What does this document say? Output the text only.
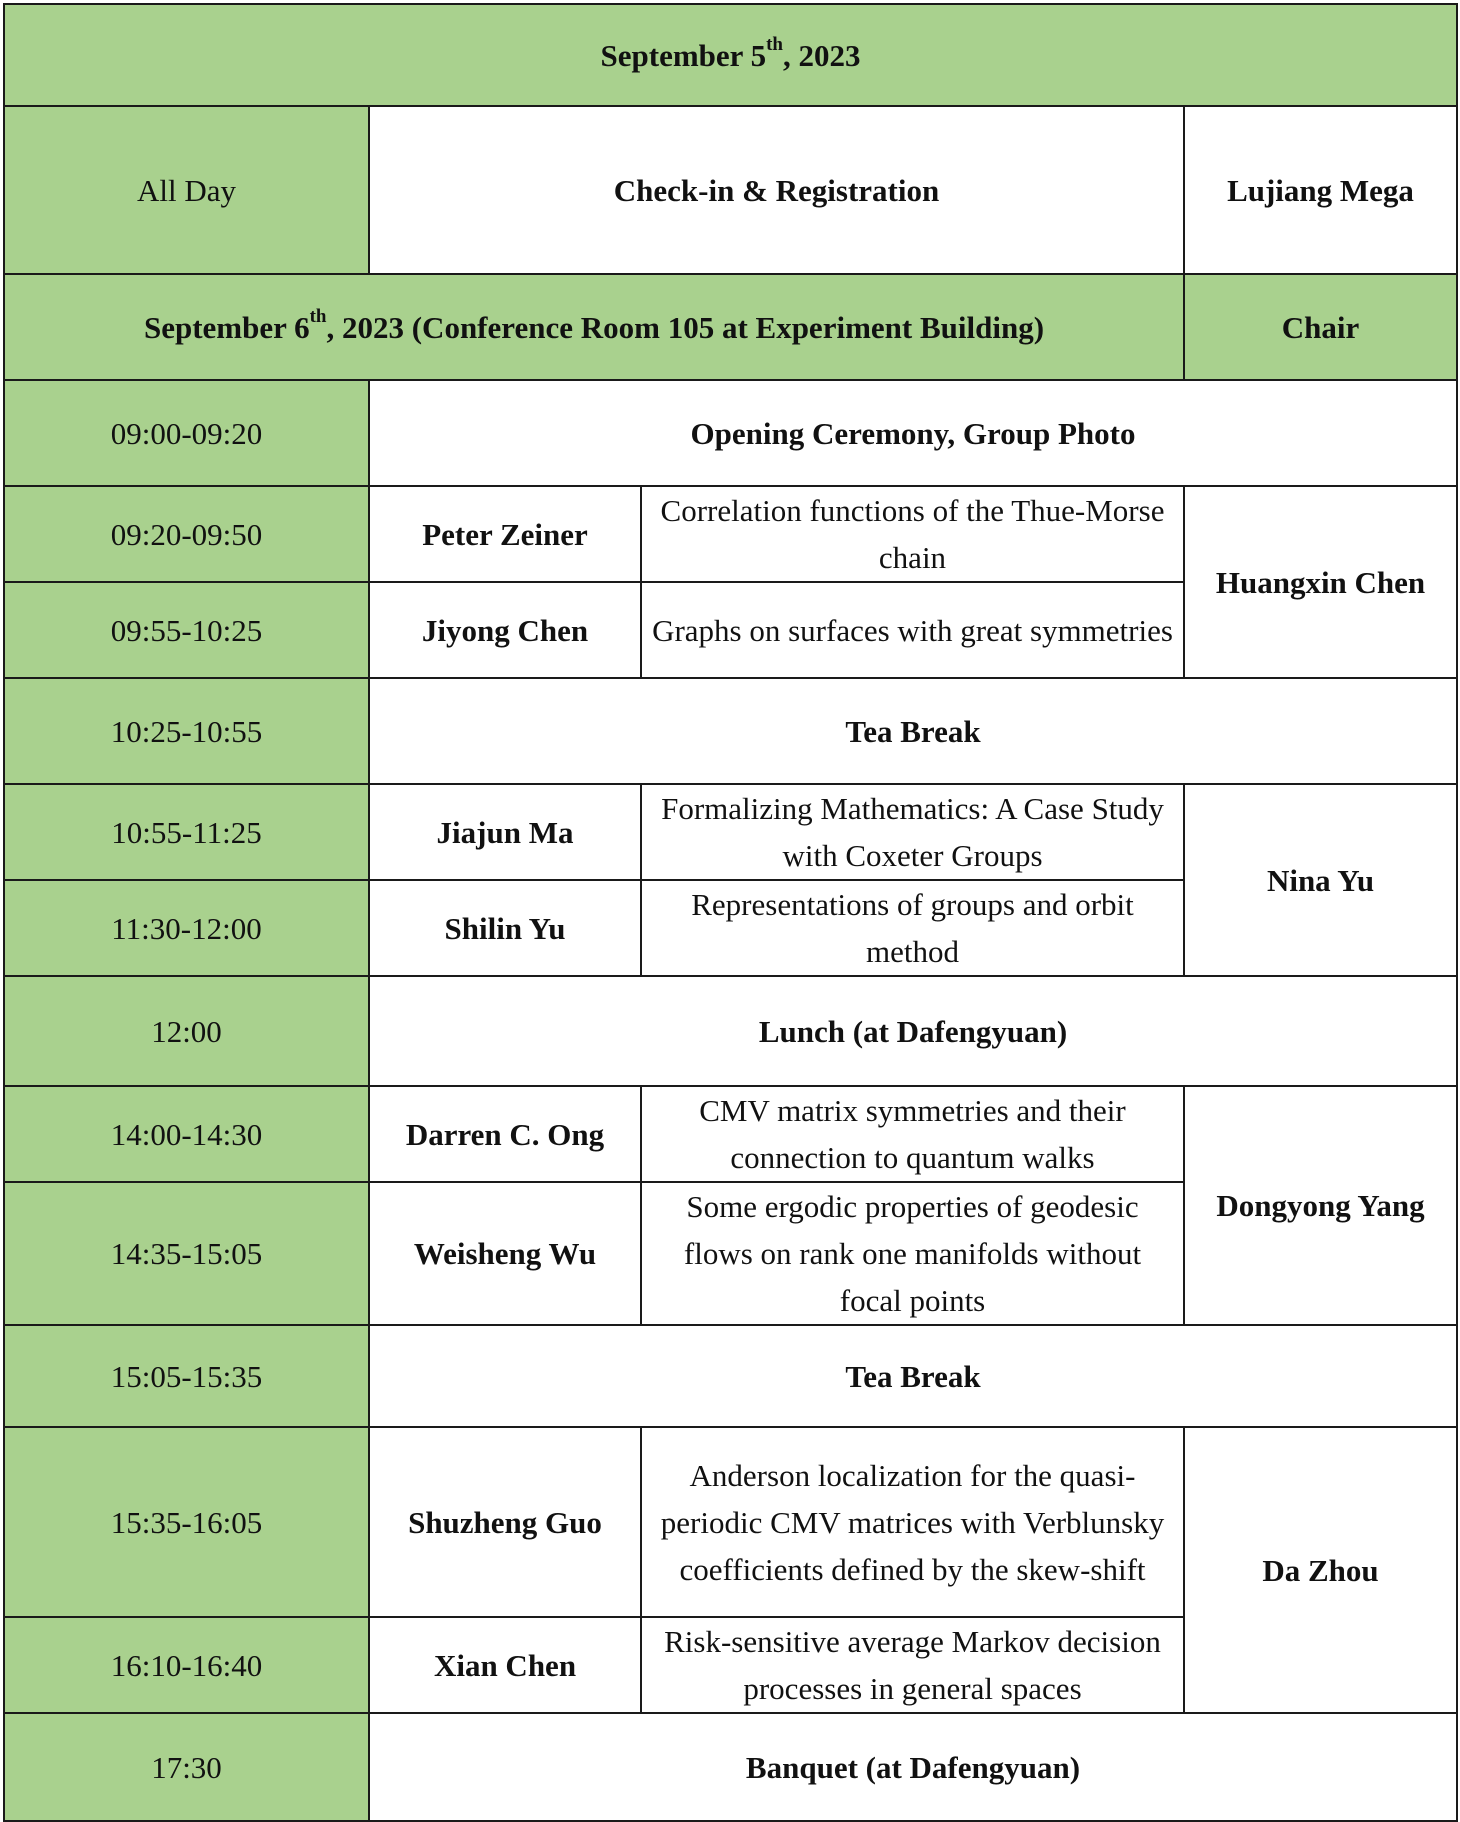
September 5th, 2023			
All Day	Check-in & Registration		Lujiang Mega
September 6th, 2023 (Conference Room 105 at Experiment Building)			Chair
09:00-09:20	Opening Ceremony, Group Photo		
09:20-09:50	Peter Zeiner	Correlation functions of the Thue-Morse chain	Huangxin Chen
09:55-10:25	Jiyong Chen	Graphs on surfaces with great symmetries	
10:25-10:55	Tea Break		
10:55-11:25	Jiajun Ma	Formalizing Mathematics: A Case Study with Coxeter Groups	Nina Yu
11:30-12:00	Shilin Yu	Representations of groups and orbit method	
12:00	Lunch (at Dafengyuan)		
14:00-14:30	Darren C. Ong	CMV matrix symmetries and their connection to quantum walks	Dongyong Yang
14:35-15:05	Weisheng Wu	Some ergodic properties of geodesic flows on rank one manifolds without focal points	
15:05-15:35	Tea Break		
15:35-16:05	Shuzheng Guo	Anderson localization for the quasi-periodic CMV matrices with Verblunsky coefficients defined by the skew-shift	Da Zhou
16:10-16:40	Xian Chen	Risk-sensitive average Markov decision processes in general spaces	
17:30	Banquet (at Dafengyuan)		
